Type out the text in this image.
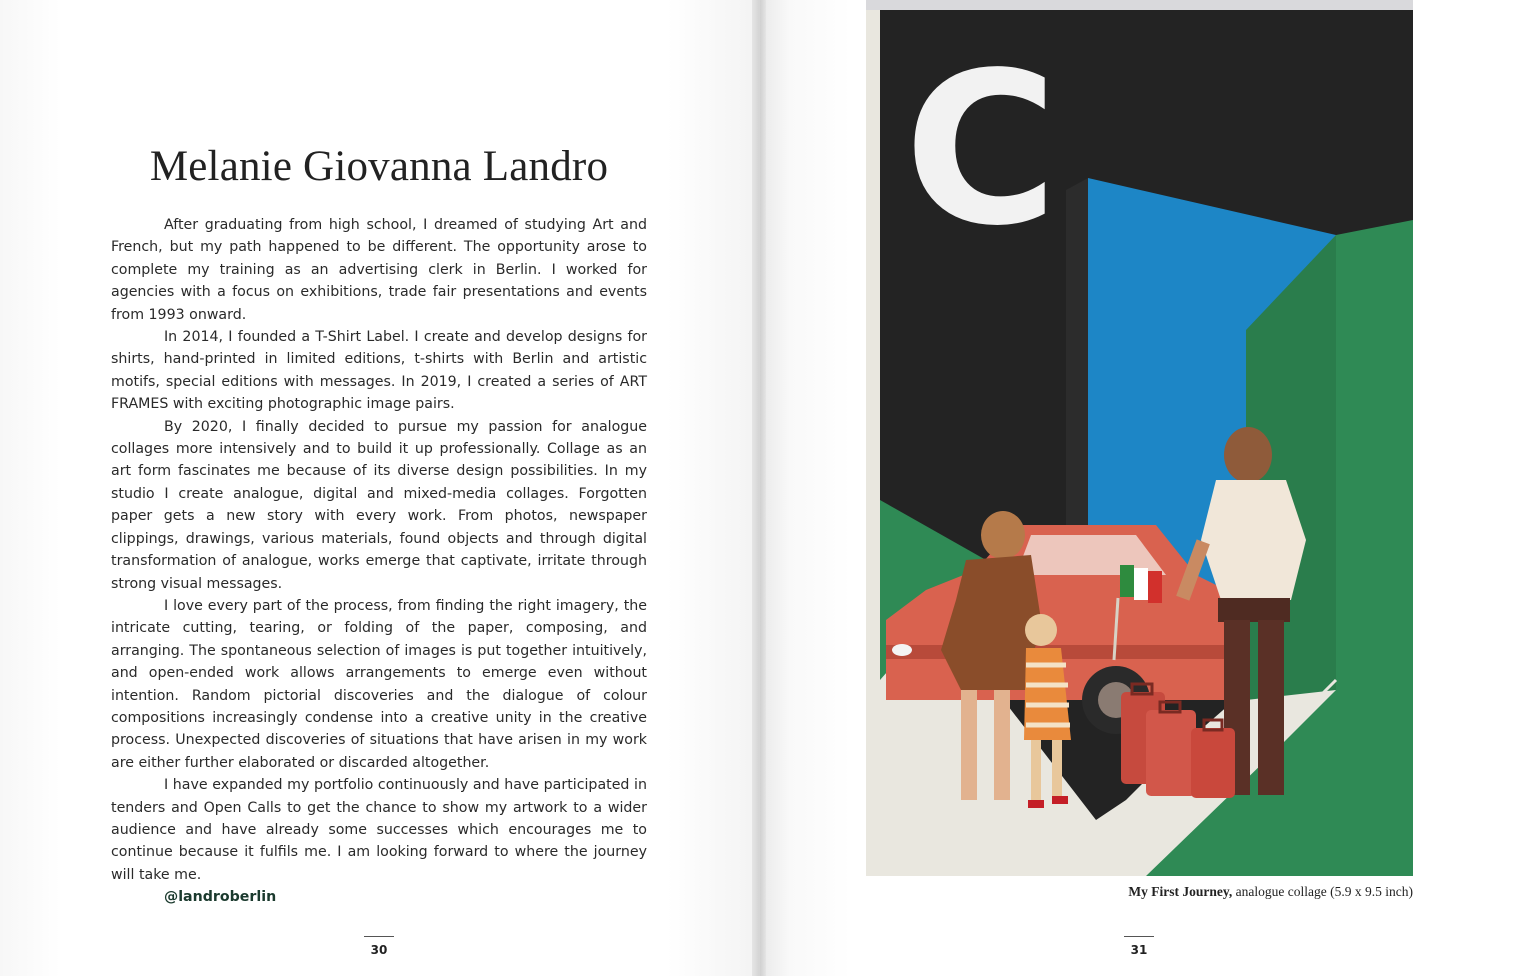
Melanie Giovanna Landro

After graduating from high school, I dreamed of studying Art and French, but my path happened to be different. The opportunity arose to complete my training as an advertising clerk in Berlin. I worked for agencies with a focus on exhibitions, trade fair presentations and events from 1993 onward.

In 2014, I founded a T-Shirt Label. I create and develop designs for shirts, hand-printed in limited editions, t-shirts with Berlin and artistic motifs, special editions with messages. In 2019, I created a series of ART FRAMES with exciting photographic image pairs.

By 2020, I finally decided to pursue my passion for analogue collages more intensively and to build it up professionally. Collage as an art form fascinates me because of its diverse design possibilities. In my studio I create analogue, digital and mixed-media collages. Forgotten paper gets a new story with every work. From photos, newspaper clippings, drawings, various materials, found objects and through digital transformation of analogue, works emerge that captivate, irritate through strong visual messages.

I love every part of the process, from finding the right imagery, the intricate cutting, tearing, or folding of the paper, composing, and arranging. The spontaneous selection of images is put together intuitively, and open-ended work allows arrangements to emerge even without intention. Random pictorial discoveries and the dialogue of colour compositions increasingly condense into a creative unity in the creative process. Unexpected discoveries of situations that have arisen in my work are either further elaborated or discarded altogether.

I have expanded my portfolio continuously and have participated in tenders and Open Calls to get the chance to show my artwork to a wider audience and have already some successes which encourages me to continue because it fulfils me. I am looking forward to where the journey will take me.

@landroberlin

30	31
C
My First Journey, analogue collage (5.9 x 9.5 inch)
